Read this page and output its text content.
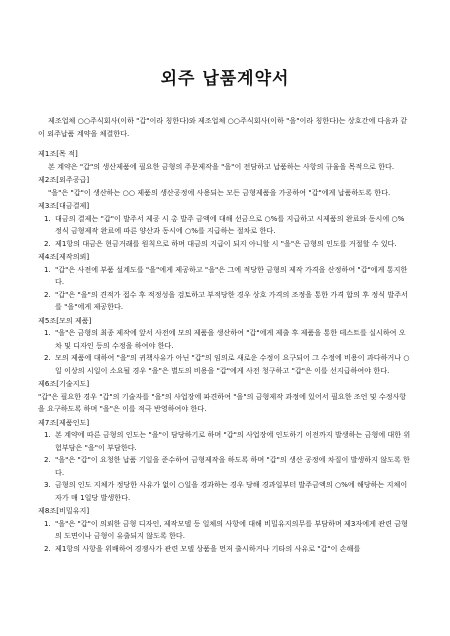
외주 납품계약서

제조업체 ○○주식회사(이하 "갑"이라 칭한다)와 제조업체 ○○주식회사(이하 "을"이라 칭한다)는 상호간에 다음과 같이 외주납품 계약을 체결한다.

제1조[목 적]

본 계약은 "갑"의 생산제품에 필요한 금형의 주문제작을 "을"이 전담하고 납품하는 사항의 규율을 목적으로 한다.

제2조[외주공급]

"을"은 "갑"이 생산하는 ○○ 제품의 생산공정에 사용되는 모든 금형제품을 가공하여 "갑"에게 납품하도록 한다.

제3조[대금결제]

1. 대금의 결제는 "갑"이 발주서 제공 시 총 발주 금액에 대해 선금으로 ○%를 지급하고 시제품의 완료와 동시에 ○% 정식 금형제작 완료에 따른 양산과 동시에 ○%를 지급하는 절차로 한다.
2. 제1항의 대금은 현금거래를 원칙으로 하며 대금의 지급이 되지 아니할 시 "을"은 금형의 인도를 거절할 수 있다.

제4조[제작의뢰]

1. "갑"은 사전에 부품 설계도를 "을"에게 제공하고 "을"은 그에 적당한 금형의 제작 가격을 산정하여 "갑"에게 통지한다.
2. "갑"은 "을"의 견적가 접수 후 적정성을 검토하고 부적당한 경우 상호 가격의 조정을 통한 가격 합의 후 정식 발주서를 "을"에게 제공한다.

제5조[모의 제품]

1. "을"은 금형의 최종 제작에 앞서 사전에 모의 제품을 생산하여 "갑"에게 제출 후 제품을 통한 테스트를 실시하여 오차 및 디자인 등의 수정을 하여야 한다.
2. 모의 제품에 대하여 "을"의 귀책사유가 아닌 "갑"의 임의로 새로운 수정이 요구되어 그 수정에 비용이 과다하거나 ○일 이상의 시일이 소요될 경우 "을"은 별도의 비용을 "갑"에게 사전 청구하고 "갑"은 이를 선지급하여야 한다.

제6조[기술지도]

"갑"은 필요한 경우 "갑"의 기술자를 "을"의 사업장에 파견하여 "을"의 금형제작 과정에 있어서 필요한 조언 및 수정사항을 요구하도록 하며 "을"은 이를 적극 반영하여야 한다.

제7조[제품인도]

1. 본 계약에 따른 금형의 인도는 "을"이 담당하기로 하며 "갑"의 사업장에 인도하기 이전까지 발생하는 금형에 대한 위험부담은 "을"이 부담한다.
2. "을"은 "갑"이 요청한 납품 기일을 준수하여 금형제작을 하도록 하며 "갑"의 생산 공정에 차질이 발생하지 않도록 한다.
3. 금형의 인도 지체가 정당한 사유가 없이 ○일을 경과하는 경우 당해 경과일부터 발주금액의 ○%에 해당하는 지체이자가 매 1일당 발생한다.

제8조[비밀유지]

1. "을"은 "갑"이 의뢰한 금형 디자인, 제작모델 등 일체의 사항에 대해 비밀유지의무를 부담하며 제3자에게 관련 금형의 도면이나 금형이 유출되지 않도록 한다.
2. 제1항의 사항을 위배하여 경쟁사가 관련 모델 상품을 먼저 출시하거나 기타의 사유로 "갑"이 손해를
